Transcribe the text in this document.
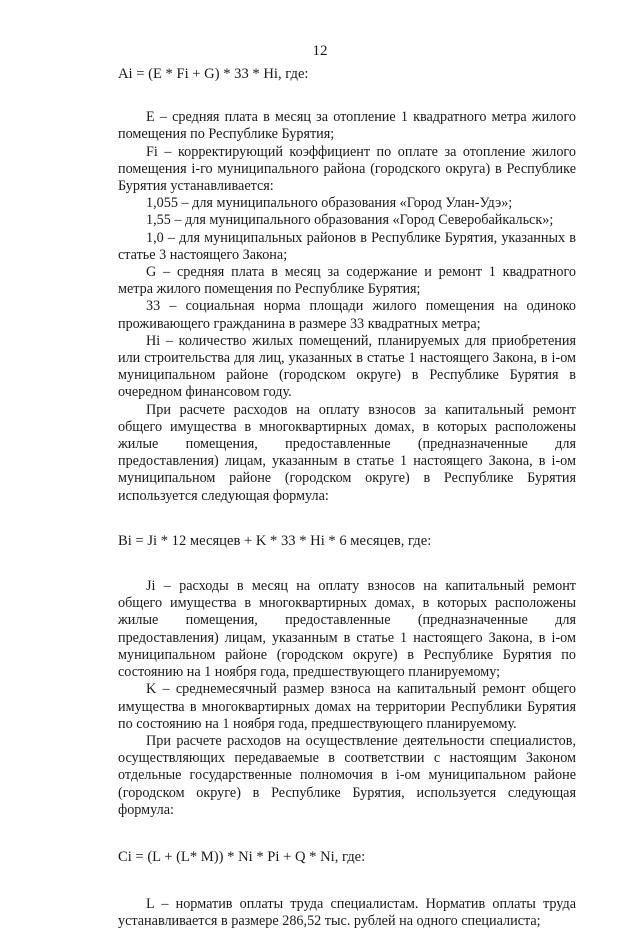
12

Ai = (E * Fi + G) * 33 * Hi, где:

E – средняя плата в месяц за отопление 1 квадратного метра жилого помещения по Республике Бурятия;

Fi – корректирующий коэффициент по оплате за отопление жилого помещения i-го муниципального района (городского округа) в Республике Бурятия устанавливается:

1,055 – для муниципального образования «Город Улан-Удэ»;

1,55 – для муниципального образования «Город Северобайкальск»;

1,0 – для муниципальных районов в Республике Бурятия, указанных в статье 3 настоящего Закона;

G – средняя плата в месяц за содержание и ремонт 1 квадратного метра жилого помещения по Республике Бурятия;

33 – социальная норма площади жилого помещения на одиноко проживающего гражданина в размере 33 квадратных метра;

Hi – количество жилых помещений, планируемых для приобретения или строительства для лиц, указанных в статье 1 настоящего Закона, в i-ом муниципальном районе (городском округе) в Республике Бурятия в очередном финансовом году.

При расчете расходов на оплату взносов за капитальный ремонт общего имущества в многоквартирных домах, в которых расположены жилые помещения, предоставленные (предназначенные для предоставления) лицам, указанным в статье 1 настоящего Закона, в i-ом муниципальном районе (городском округе) в Республике Бурятия используется следующая формула:

Bi = Ji * 12 месяцев + K * 33 * Hi * 6 месяцев, где:

Ji – расходы в месяц на оплату взносов на капитальный ремонт общего имущества в многоквартирных домах, в которых расположены жилые помещения, предоставленные (предназначенные для предоставления) лицам, указанным в статье 1 настоящего Закона, в i-ом муниципальном районе (городском округе) в Республике Бурятия по состоянию на 1 ноября года, предшествующего планируемому;

K – среднемесячный размер взноса на капитальный ремонт общего имущества в многоквартирных домах на территории Республики Бурятия по состоянию на 1 ноября года, предшествующего планируемому.

При расчете расходов на осуществление деятельности специалистов, осуществляющих передаваемые в соответствии с настоящим Законом отдельные государственные полномочия в i-ом муниципальном районе (городском округе) в Республике Бурятия, используется следующая формула:

Ci = (L + (L* M)) * Ni * Pi + Q * Ni, где:

L – норматив оплаты труда специалистам. Норматив оплаты труда устанавливается в размере 286,52 тыс. рублей на одного специалиста;
